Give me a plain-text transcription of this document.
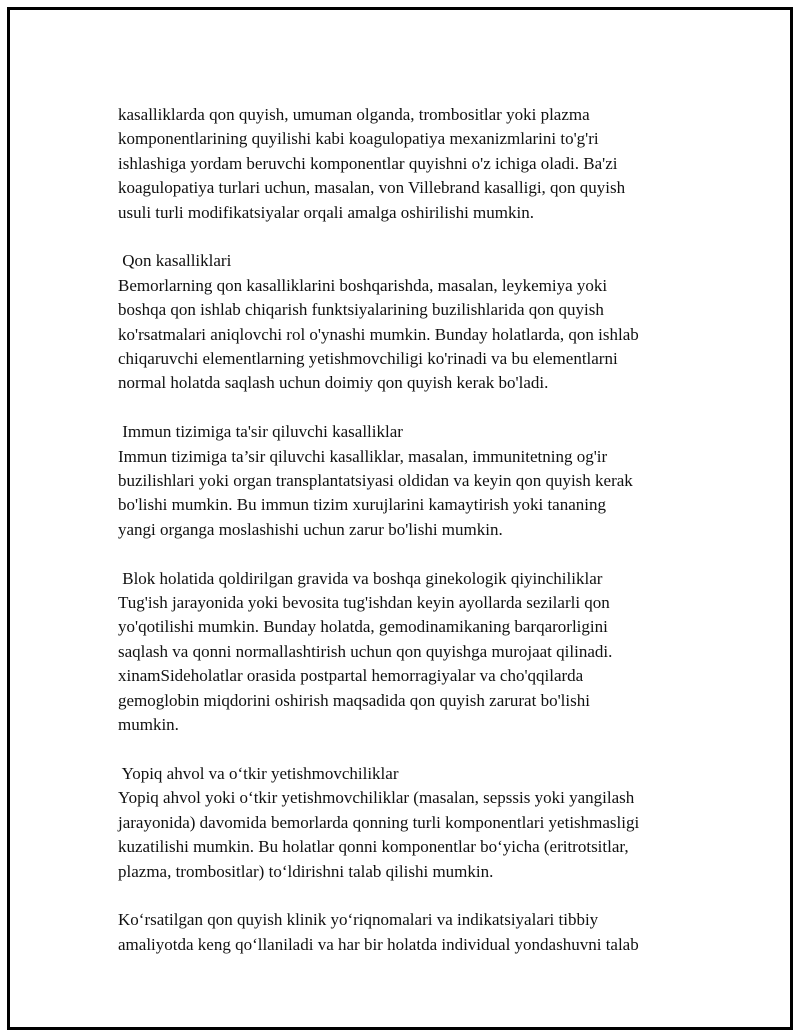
kasalliklarda qon quyish, umuman olganda, trombositlar yoki plazma
komponentlarining quyilishi kabi koagulopatiya mexanizmlarini to'g'ri
ishlashiga yordam beruvchi komponentlar quyishni o'z ichiga oladi. Ba'zi
koagulopatiya turlari uchun, masalan, von Villebrand kasalligi, qon quyish
usuli turli modifikatsiyalar orqali amalga oshirilishi mumkin.
Qon kasalliklari
Bemorlarning qon kasalliklarini boshqarishda, masalan, leykemiya yoki
boshqa qon ishlab chiqarish funktsiyalarining buzilishlarida qon quyish
ko'rsatmalari aniqlovchi rol o'ynashi mumkin. Bunday holatlarda, qon ishlab
chiqaruvchi elementlarning yetishmovchiligi ko'rinadi va bu elementlarni
normal holatda saqlash uchun doimiy qon quyish kerak bo'ladi.
Immun tizimiga ta'sir qiluvchi kasalliklar
Immun tizimiga ta’sir qiluvchi kasalliklar, masalan, immunitetning og'ir
buzilishlari yoki organ transplantatsiyasi oldidan va keyin qon quyish kerak
bo'lishi mumkin. Bu immun tizim xurujlarini kamaytirish yoki tananing
yangi organga moslashishi uchun zarur bo'lishi mumkin.
Blok holatida qoldirilgan gravida va boshqa ginekologik qiyinchiliklar
Tug'ish jarayonida yoki bevosita tug'ishdan keyin ayollarda sezilarli qon
yo'qotilishi mumkin. Bunday holatda, gemodinamikaning barqarorligini
saqlash va qonni normallashtirish uchun qon quyishga murojaat qilinadi.
xinamSideholatlar orasida postpartal hemorragiyalar va cho'qqilarda
gemoglobin miqdorini oshirish maqsadida qon quyish zarurat bo'lishi
mumkin.
Yopiq ahvol va o‘tkir yetishmovchiliklar
Yopiq ahvol yoki o‘tkir yetishmovchiliklar (masalan, sepssis yoki yangilash
jarayonida) davomida bemorlarda qonning turli komponentlari yetishmasligi
kuzatilishi mumkin. Bu holatlar qonni komponentlar bo‘yicha (eritrotsitlar,
plazma, trombositlar) to‘ldirishni talab qilishi mumkin.
Ko‘rsatilgan qon quyish klinik yo‘riqnomalari va indikatsiyalari tibbiy
amaliyotda keng qo‘llaniladi va har bir holatda individual yondashuvni talab
